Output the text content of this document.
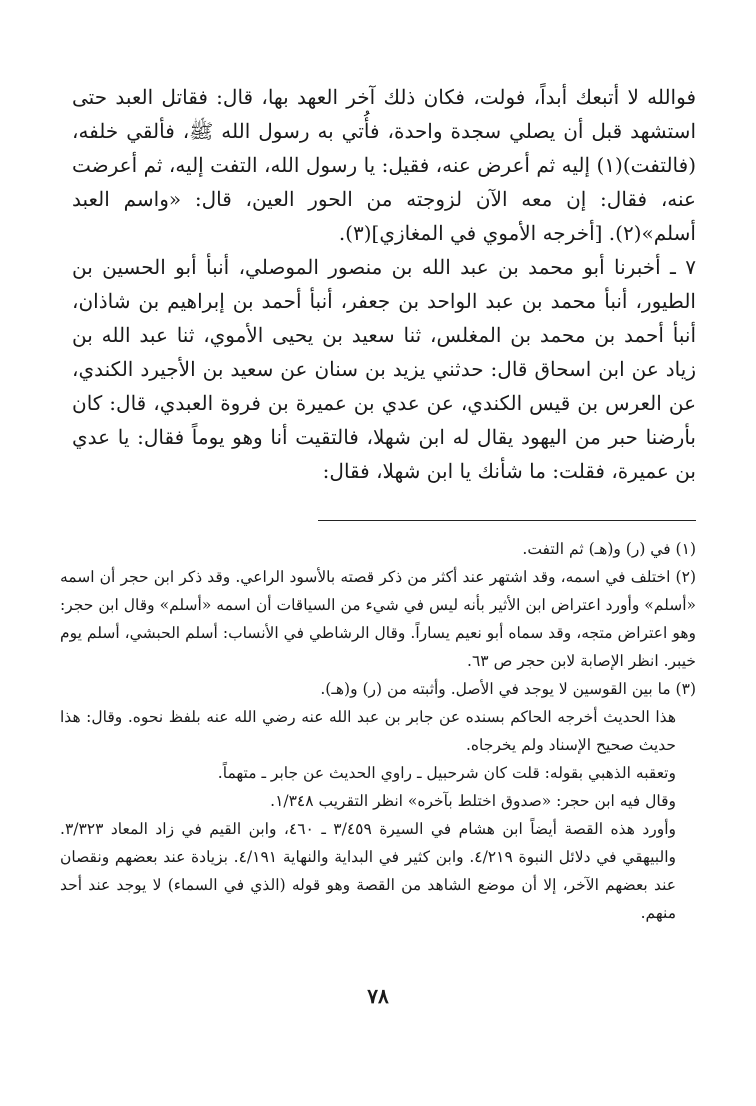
فوالله لا أتبعك أبداً، فولت، فكان ذلك آخر العهد بها، قال: فقاتل العبد حتى استشهد قبل أن يصلي سجدة واحدة، فأُتي به رسول الله ﷺ، فألقي خلفه، (فالتفت)(١) إليه ثم أعرض عنه، فقيل: يا رسول الله، التفت إليه، ثم أعرضت عنه، فقال: إن معه الآن لزوجته من الحور العين، قال: «واسم العبد أسلم»(٢). [أخرجه الأموي في المغازي](٣).

٧ ـ أخبرنا أبو محمد بن عبد الله بن منصور الموصلي، أنبأ أبو الحسين بن الطيور، أنبأ محمد بن عبد الواحد بن جعفر، أنبأ أحمد بن إبراهيم بن شاذان، أنبأ أحمد بن محمد بن المغلس، ثنا سعيد بن يحيى الأموي، ثنا عبد الله بن زياد عن ابن اسحاق قال: حدثني يزيد بن سنان عن سعيد بن الأجيرد الكندي، عن العرس بن قيس الكندي، عن عدي بن عميرة بن فروة العبدي، قال: كان بأرضنا حبر من اليهود يقال له ابن شهلا، فالتقيت أنا وهو يوماً فقال: يا عدي بن عميرة، فقلت: ما شأنك يا ابن شهلا، فقال:

(١) في (ر) و(هـ) ثم التفت.

(٢) اختلف في اسمه، وقد اشتهر عند أكثر من ذكر قصته بالأسود الراعي. وقد ذكر ابن حجر أن اسمه «أسلم» وأورد اعتراض ابن الأثير بأنه ليس في شيء من السياقات أن اسمه «أسلم» وقال ابن حجر: وهو اعتراض متجه، وقد سماه أبو نعيم يساراً. وقال الرشاطي في الأنساب: أسلم الحبشي، أسلم يوم خيبر. انظر الإصابة لابن حجر ص ٦٣.

(٣) ما بين القوسين لا يوجد في الأصل. وأثبته من (ر) و(هـ).

هذا الحديث أخرجه الحاكم بسنده عن جابر بن عبد الله عنه رضي الله عنه بلفظ نحوه. وقال: هذا حديث صحيح الإسناد ولم يخرجاه.

وتعقبه الذهبي بقوله: قلت كان شرحبيل ـ راوي الحديث عن جابر ـ متهماً.

وقال فيه ابن حجر: «صدوق اختلط بآخره» انظر التقريب ١/٣٤٨.

وأورد هذه القصة أيضاً ابن هشام في السيرة ٣/٤٥٩ ـ ٤٦٠، وابن القيم في زاد المعاد ٣/٣٢٣. والبيهقي في دلائل النبوة ٤/٢١٩. وابن كثير في البداية والنهاية ٤/١٩١. بزيادة عند بعضهم ونقصان عند بعضهم الآخر، إلا أن موضع الشاهد من القصة وهو قوله (الذي في السماء) لا يوجد عند أحد منهم.

٧٨
